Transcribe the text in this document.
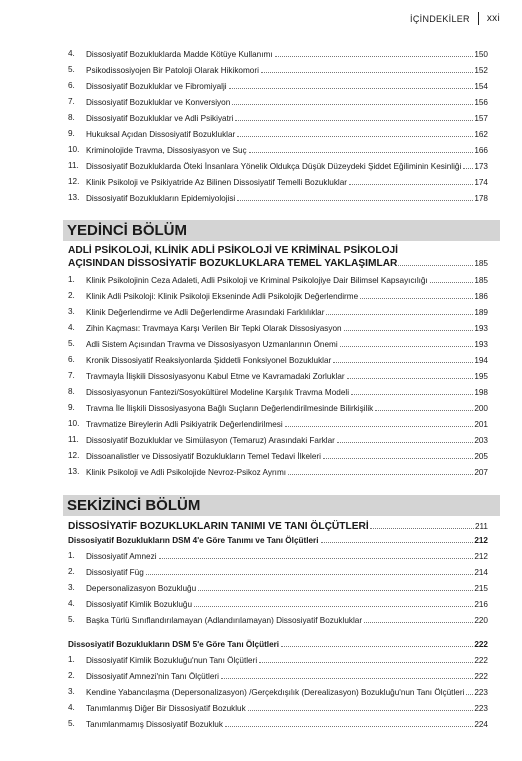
İÇİNDEKİLER xxi
4.	Dissosiyatif Bozukluklarda Madde Kötüye Kullanımı	150
5.	Psikodissosiyojen Bir Patoloji Olarak Hikikomori	152
6.	Dissosiyatif Bozukluklar ve Fibromiyalji	154
7.	Dissosiyatif Bozukluklar ve Konversiyon	156
8.	Dissosiyatif Bozukluklar ve Adli Psikiyatri	157
9.	Hukuksal Açıdan Dissosiyatif Bozukluklar	162
10. Kriminolojide Travma, Dissosiyasyon ve Suç	166
11. Dissosiyatif Bozukluklarda Öteki İnsanlara Yönelik Oldukça Düşük Düzeydeki Şiddet Eğiliminin Kesinliği 173
12. Klinik Psikoloji ve Psikiyatride Az Bilinen Dissosiyatif Temelli Bozukluklar	174
13. Dissosiyatif Bozuklukların Epidemiyolojisi	178
YEDİNCİ BÖLÜM
ADLİ PSİKOLOJİ, KLİNİK ADLİ PSİKOLOJİ VE KRİMİNAL PSİKOLOJİ
AÇISINDAN DİSSOSİYATİF BOZUKLUKLARA TEMEL YAKLAŞIMLAR	185
1.	Klinik Psikolojinin Ceza Adaleti, Adli Psikoloji ve Kriminal Psikolojiye Dair Bilimsel Kapsayıcılığı	185
2.	Klinik Adli Psikoloji: Klinik Psikoloji Ekseninde Adli Psikolojik Değerlendirme	186
3.	Klinik Değerlendirme ve Adli Değerlendirme Arasındaki Farklılıklar	189
4.	Zihin Kaçması: Travmaya Karşı Verilen Bir Tepki Olarak Dissosiyasyon	193
5.	Adli Sistem Açısından Travma ve Dissosiyasyon Uzmanlarının Önemi	193
6.	Kronik Dissosiyatif Reaksiyonlarda Şiddetli Fonksiyonel Bozukluklar	194
7.	Travmayla İlişkili Dissosiyasyonu Kabul Etme ve Kavramadaki Zorluklar	195
8.	Dissosiyasyonun Fantezi/Sosyokültürel Modeline Karşılık Travma Modeli	198
9.	Travma İle İlişkili Dissosiyasyona Bağlı Suçların Değerlendirilmesinde Bilirkişilik	200
10. Travmatize Bireylerin Adli Psikiyatrik Değerlendirilmesi	201
11. Dissosiyatif Bozukluklar ve Simülasyon (Temaruz) Arasındaki Farklar	203
12. Dissoanalistler ve Dissosiyatif Bozuklukların Temel Tedavi İlkeleri	205
13. Klinik Psikoloji ve Adli Psikolojide Nevroz-Psikoz Ayrımı	207
SEKİZİNCİ BÖLÜM
DİSSOSİYATİF BOZUKLUKLARIN TANIMI VE TANI ÖLÇÜTLERİ	211
Dissosiyatif Bozuklukların DSM 4'e Göre Tanımı ve Tanı Ölçütleri	212
1.	Dissosiyatif Amnezi	212
2.	Dissosiyatif Füg	214
3.	Depersonalizasyon Bozukluğu	215
4.	Dissosiyatif Kimlik Bozukluğu	216
5.	Başka Türlü Sınıflandırılamayan (Adlandırılamayan) Dissosiyatif Bozukluklar	220
Dissosiyatif Bozuklukların DSM 5'e Göre Tanı Ölçütleri	222
1.	Dissosiyatif Kimlik Bozukluğu'nun Tanı Ölçütleri	222
2.	Dissosiyatif Amnezi'nin Tanı Ölçütleri	222
3.	Kendine Yabancılaşma (Depersonalizasyon) /Gerçekdışılık (Derealizasyon) Bozukluğu'nun Tanı Ölçütleri 223
4.	Tanımlanmış Diğer Bir Dissosiyatif Bozukluk	223
5.	Tanımlanmamış Dissosiyatif Bozukluk	224
